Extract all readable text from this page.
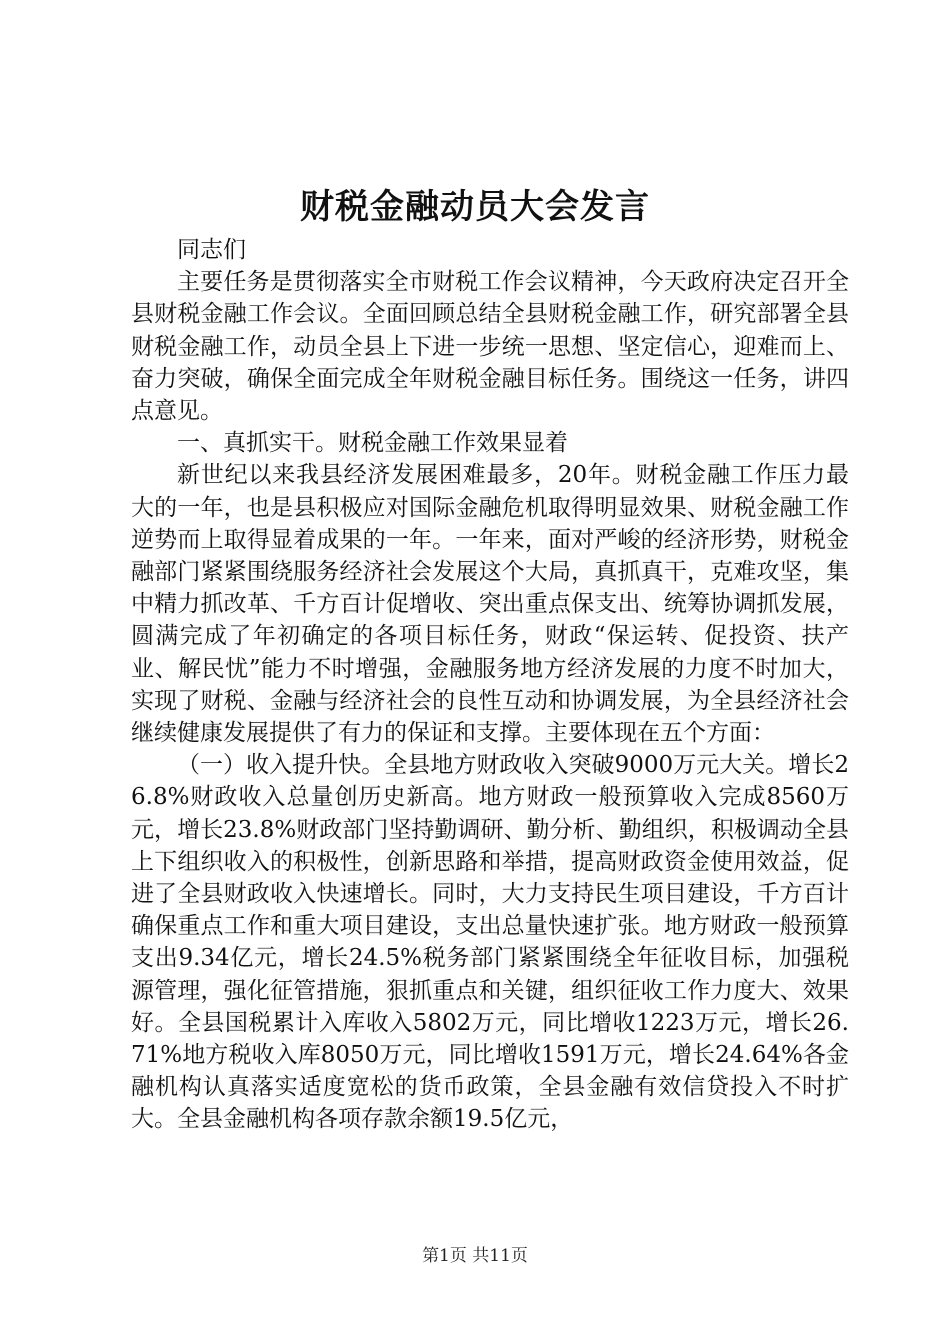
财税金融动员大会发言

同志们

主要任务是贯彻落实全市财税工作会议精神，今天政府决定召开全县财税金融工作会议。全面回顾总结全县财税金融工作，研究部署全县财税金融工作，动员全县上下进一步统一思想、坚定信心，迎难而上、奋力突破，确保全面完成全年财税金融目标任务。围绕这一任务，讲四点意见。

一、真抓实干。财税金融工作效果显着

新世纪以来我县经济发展困难最多，20年。财税金融工作压力最大的一年，也是县积极应对国际金融危机取得明显效果、财税金融工作逆势而上取得显着成果的一年。一年来，面对严峻的经济形势，财税金融部门紧紧围绕服务经济社会发展这个大局，真抓真干，克难攻坚，集中精力抓改革、千方百计促增收、突出重点保支出、统筹协调抓发展，圆满完成了年初确定的各项目标任务，财政“保运转、促投资、扶产业、解民忧”能力不时增强，金融服务地方经济发展的力度不时加大，实现了财税、金融与经济社会的良性互动和协调发展，为全县经济社会继续健康发展提供了有力的保证和支撑。主要体现在五个方面：

（一）收入提升快。全县地方财政收入突破9000万元大关。增长26.8%财政收入总量创历史新高。地方财政一般预算收入完成8560万元，增长23.8%财政部门坚持勤调研、勤分析、勤组织，积极调动全县上下组织收入的积极性，创新思路和举措，提高财政资金使用效益，促进了全县财政收入快速增长。同时，大力支持民生项目建设，千方百计确保重点工作和重大项目建设，支出总量快速扩张。地方财政一般预算支出9.34亿元，增长24.5%税务部门紧紧围绕全年征收目标，加强税源管理，强化征管措施，狠抓重点和关键，组织征收工作力度大、效果好。全县国税累计入库收入5802万元，同比增收1223万元，增长26.71%地方税收入库8050万元，同比增收1591万元，增长24.64%各金融机构认真落实适度宽松的货币政策，全县金融有效信贷投入不时扩大。全县金融机构各项存款余额19.5亿元，

第1页 共11页
